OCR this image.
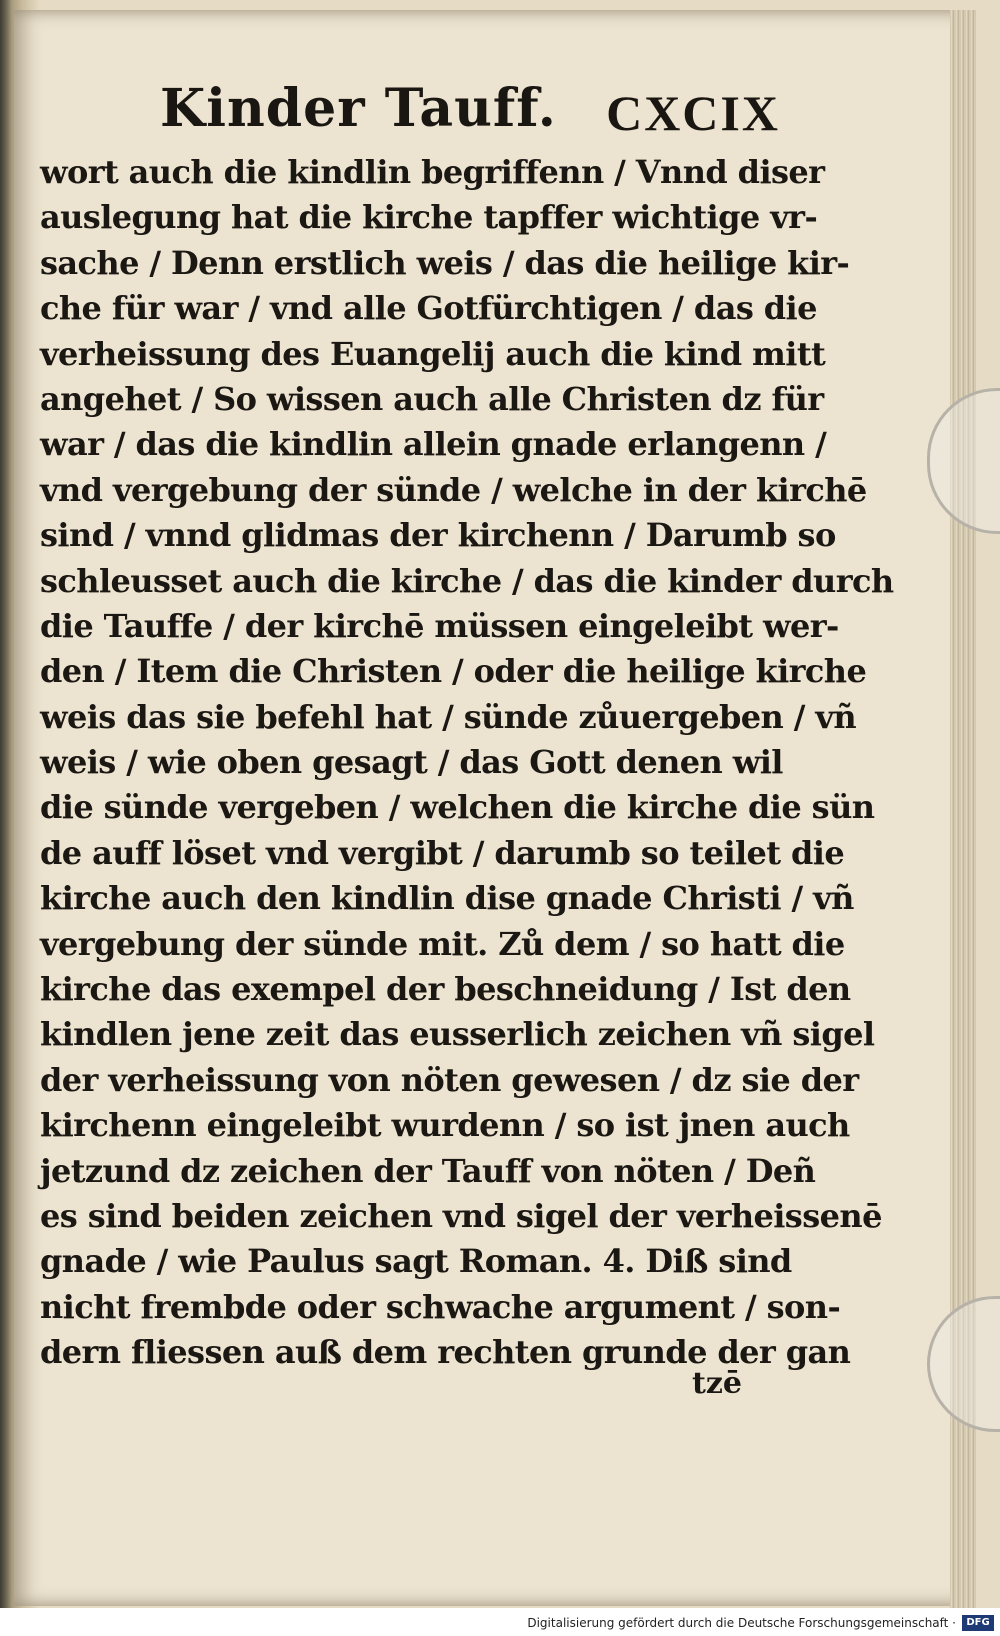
Kinder Tauff. CXCIX
wort auch die kindlin begriffenn / Vnnd diser
auslegung hat die kirche tapffer wichtige vr-
sache / Denn erstlich weis / das die heilige kir-
che für war / vnd alle Gotfürchtigen / das die
verheissung des Euangelij auch die kind mitt
angehet / So wissen auch alle Christen dz für
war / das die kindlin allein gnade erlangenn /
vnd vergebung der sünde / welche in der kirchē
sind / vnnd glidmas der kirchenn / Darumb so
schleusset auch die kirche / das die kinder durch
die Tauffe / der kirchē müssen eingeleibt wer-
den / Item die Christen / oder die heilige kirche
weis das sie befehl hat / sünde zůuergeben / vñ
weis / wie oben gesagt / das Gott denen wil
die sünde vergeben / welchen die kirche die sün
de auff löset vnd vergibt / darumb so teilet die
kirche auch den kindlin dise gnade Christi / vñ
vergebung der sünde mit. Zů dem / so hatt die
kirche das exempel der beschneidung / Ist den
kindlen jene zeit das eusserlich zeichen vñ sigel
der verheissung von nöten gewesen / dz sie der
kirchenn eingeleibt wurdenn / so ist jnen auch
jetzund dz zeichen der Tauff von nöten / Deñ
es sind beiden zeichen vnd sigel der verheissenē
gnade / wie Paulus sagt Roman. 4. Diß sind
nicht frembde oder schwache argument / son-
dern fliessen auß dem rechten grunde der gan
tzē
Digitalisierung gefördert durch die Deutsche Forschungsgemeinschaft ·	DFG
